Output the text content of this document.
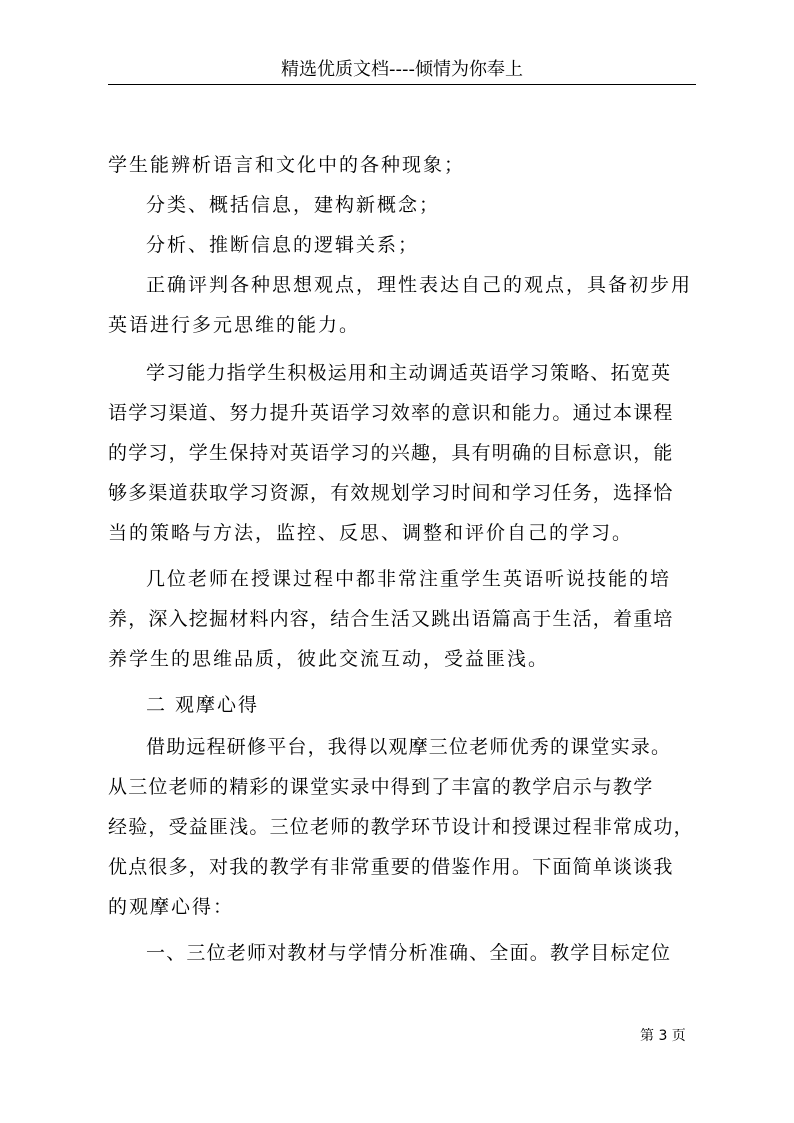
精选优质文档----倾情为你奉上
学生能辨析语言和文化中的各种现象；
分类、概括信息，建构新概念；
分析、推断信息的逻辑关系；
正确评判各种思想观点，理性表达自己的观点，具备初步用
英语进行多元思维的能力。
学习能力指学生积极运用和主动调适英语学习策略、拓宽英
语学习渠道、努力提升英语学习效率的意识和能力。通过本课程
的学习，学生保持对英语学习的兴趣，具有明确的目标意识，能
够多渠道获取学习资源，有效规划学习时间和学习任务，选择恰
当的策略与方法，监控、反思、调整和评价自己的学习。
几位老师在授课过程中都非常注重学生英语听说技能的培
养，深入挖掘材料内容，结合生活又跳出语篇高于生活，着重培
养学生的思维品质，彼此交流互动，受益匪浅。
二 观摩心得
借助远程研修平台，我得以观摩三位老师优秀的课堂实录。
从三位老师的精彩的课堂实录中得到了丰富的教学启示与教学
经验，受益匪浅。三位老师的教学环节设计和授课过程非常成功，
优点很多，对我的教学有非常重要的借鉴作用。下面简单谈谈我
的观摩心得：
一、三位老师对教材与学情分析准确、全面。教学目标定位
第 3 页
